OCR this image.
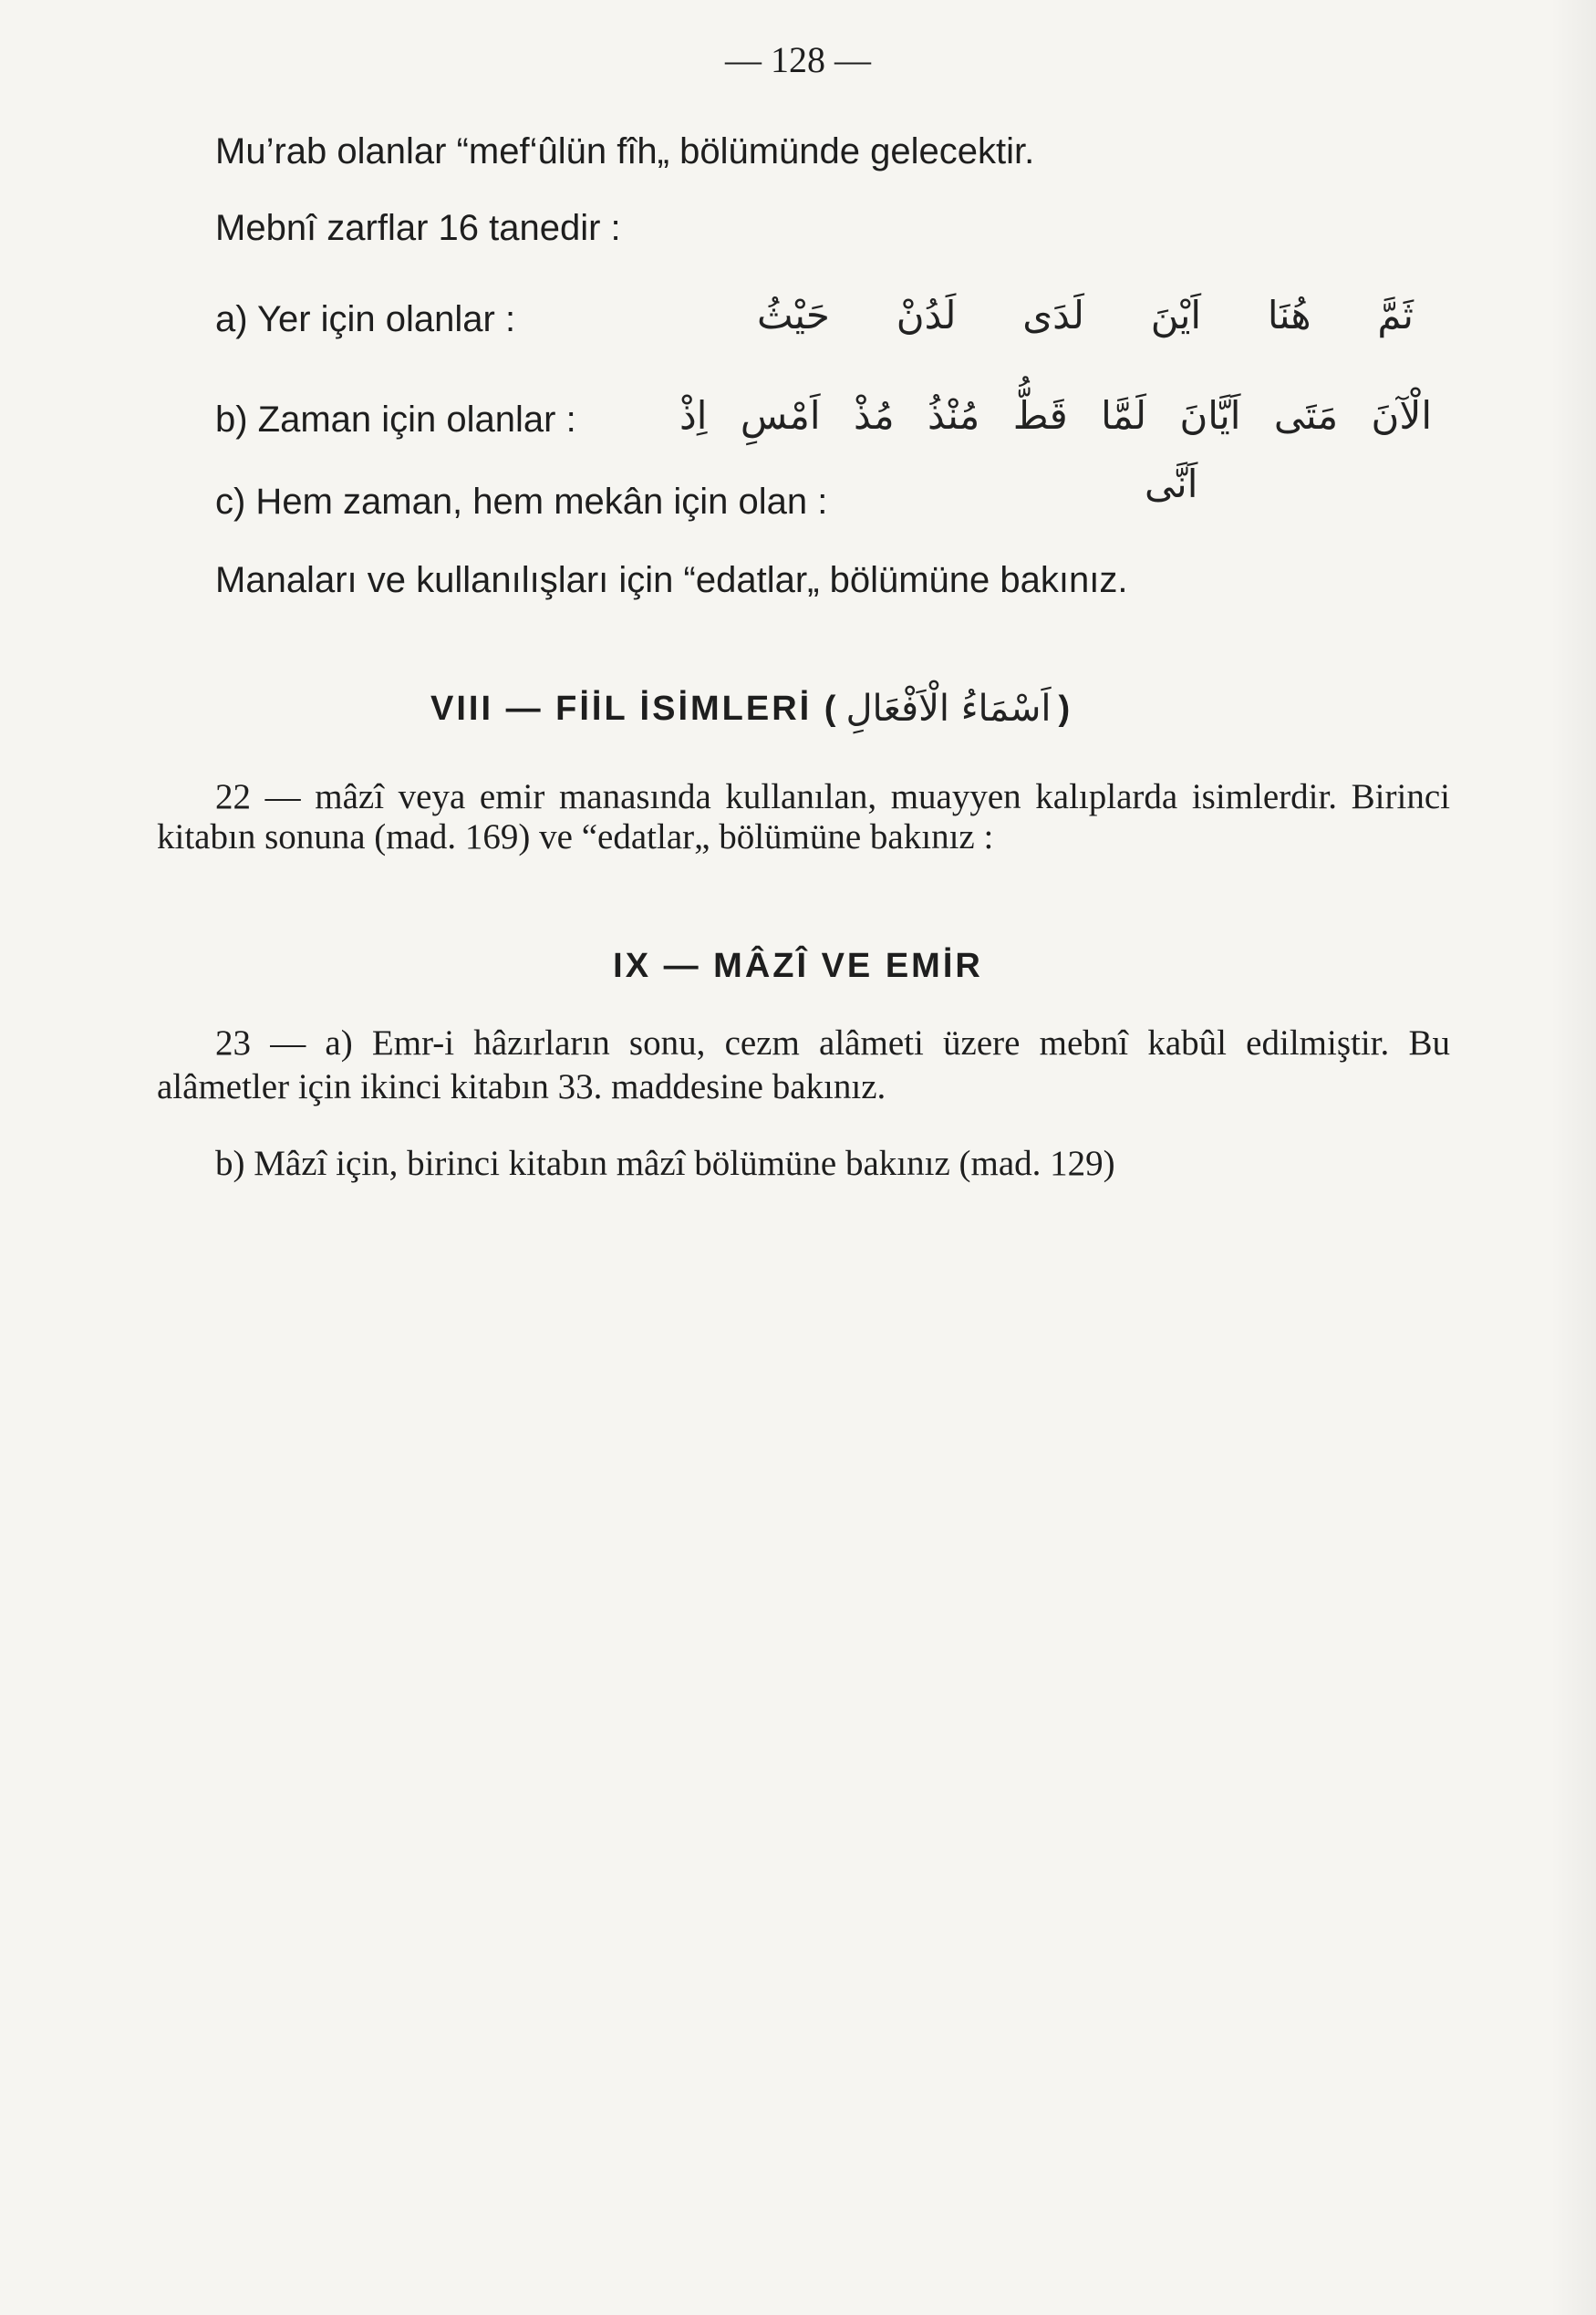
— 128 —
Mu’rab olanlar “mef‘ûlün fîh„ bölümünde gelecektir.
Mebnî zarflar 16 tanedir :
a) Yer için olanlar :	حَيْثُ لَدُنْ لَدَى اَيْنَ هُنَا ثَمَّ
b) Zaman için olanlar :	اِذْ اَمْسِ مُذْ مُنْذُ قَطُّ لَمَّا اَيَّانَ مَتَى الْآنَ
c) Hem zaman, hem mekân için olan :	اَنَّى
Manaları ve kullanılışları için “edatlar„ bölümüne bakınız.
VIII — FİİL İSİMLERİ ( اَسْمَاءُ الْاَفْعَالِ )
22 — mâzî veya emir manasında kullanılan, muayyen kalıplarda isimlerdir. Birinci kitabın sonuna (mad. 169) ve “edatlar„ bölümüne bakınız :
IX — MÂZÎ VE EMİR
23 — a) Emr-i hâzırların sonu, cezm alâmeti üzere mebnî kabûl edilmiştir. Bu alâmetler için ikinci kitabın 33. maddesine bakınız.
b) Mâzî için, birinci kitabın mâzî bölümüne bakınız (mad. 129)
